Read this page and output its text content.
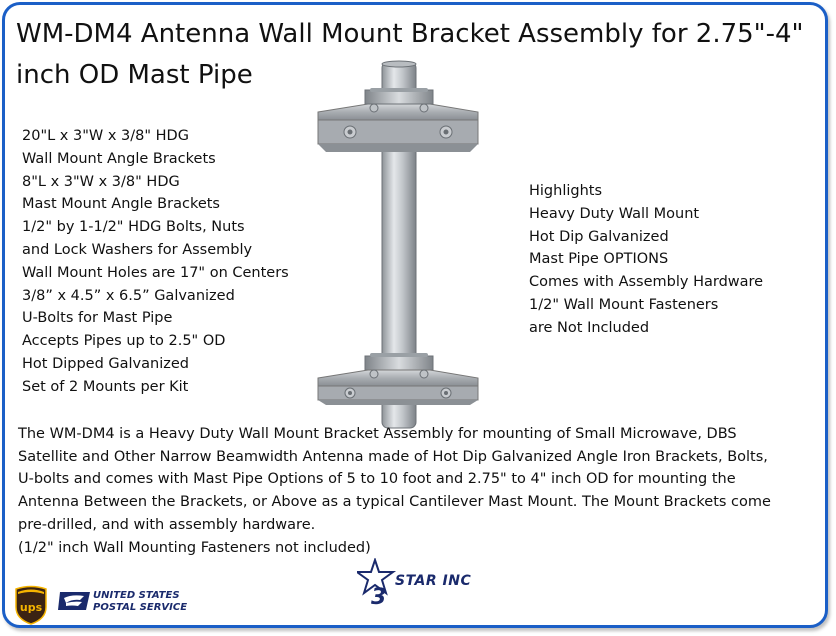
WM-DM4 Antenna Wall Mount Bracket Assembly for 2.75"-4"
inch OD Mast Pipe
20"L x 3"W x 3/8" HDG
Wall Mount Angle Brackets
8"L x 3"W x 3/8" HDG
Mast Mount Angle Brackets
1/2" by 1-1/2" HDG Bolts, Nuts
and Lock Washers for Assembly
Wall Mount Holes are 17" on Centers
3/8” x 4.5” x 6.5” Galvanized
U-Bolts for Mast Pipe
Accepts Pipes up to 2.5" OD
Hot Dipped Galvanized
Set of 2 Mounts per Kit
Highlights
Heavy Duty Wall Mount
Hot Dip Galvanized
Mast Pipe OPTIONS
Comes with Assembly Hardware
1/2" Wall Mount Fasteners
are Not Included
The WM-DM4 is a Heavy Duty Wall Mount Bracket Assembly for mounting of Small Microwave, DBS
Satellite and Other Narrow Beamwidth Antenna made of Hot Dip Galvanized Angle Iron Brackets, Bolts,
U-bolts and comes with Mast Pipe Options of 5 to 10 foot and 2.75" to 4" inch OD for mounting the
Antenna Between the Brackets, or Above as a typical Cantilever Mast Mount. The Mount Brackets come
pre-drilled, and with assembly hardware.
(1/2" inch Wall Mounting Fasteners not included)
ups
UNITED STATES
POSTAL SERVICE	3
STAR INC
